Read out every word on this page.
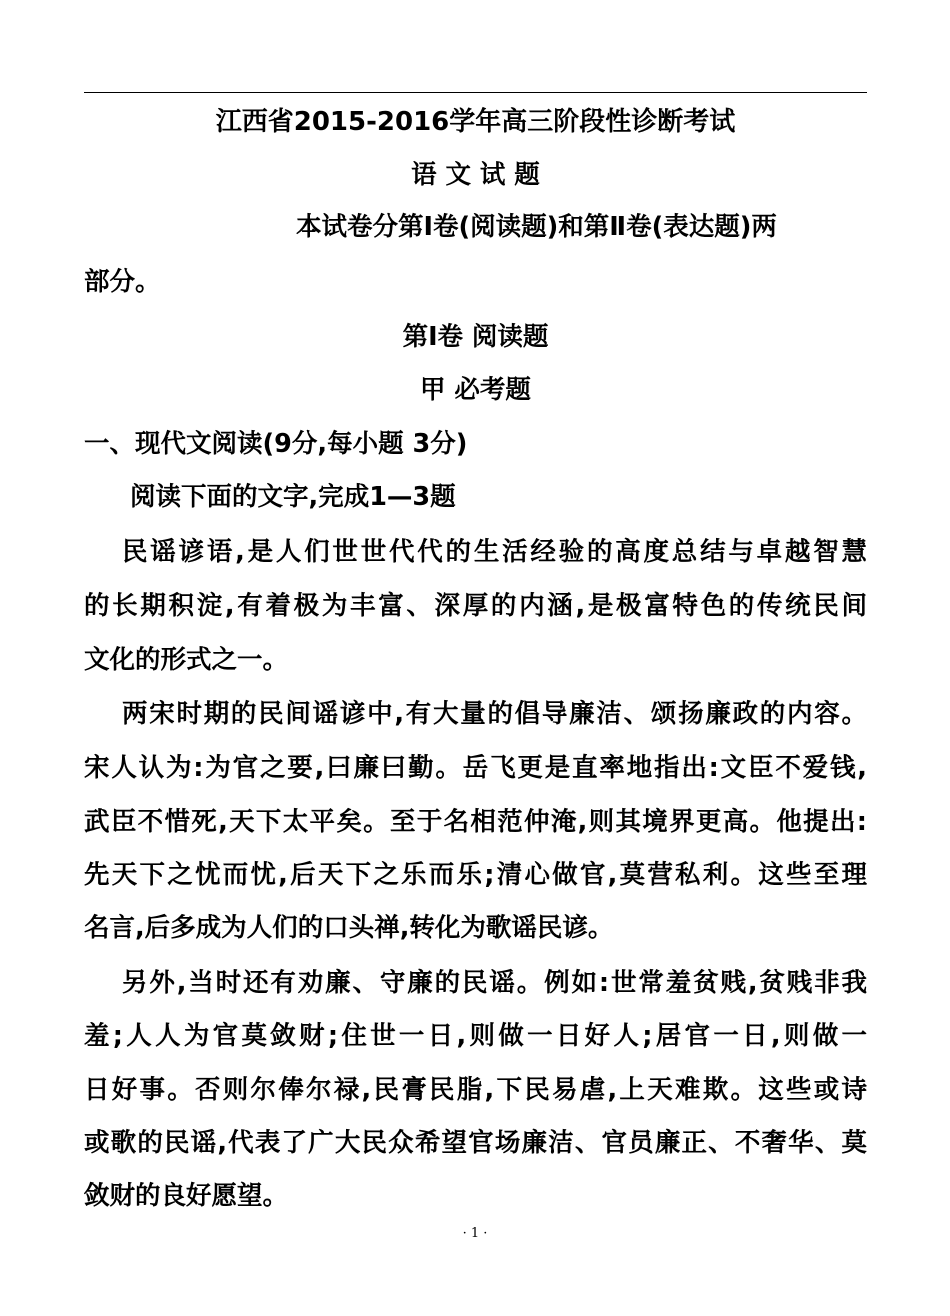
江西省2015-2016学年高三阶段性诊断考试
语 文 试 题
本试卷分第Ⅰ卷(阅读题)和第Ⅱ卷(表达题)两
部分。
第Ⅰ卷 阅读题
甲 必考题
一、现代文阅读(9分,每小题 3分)
阅读下面的文字,完成1—3题
民谣谚语,是人们世世代代的生活经验的高度总结与卓越智慧
的长期积淀,有着极为丰富、深厚的内涵,是极富特色的传统民间
文化的形式之一。
两宋时期的民间谣谚中,有大量的倡导廉洁、颂扬廉政的内容。
宋人认为:为官之要,曰廉曰勤。岳飞更是直率地指出:文臣不爱钱,
武臣不惜死,天下太平矣。至于名相范仲淹,则其境界更高。他提出:
先天下之忧而忧,后天下之乐而乐;清心做官,莫营私利。这些至理
名言,后多成为人们的口头禅,转化为歌谣民谚。
另外,当时还有劝廉、守廉的民谣。例如:世常羞贫贱,贫贱非我
羞;人人为官莫敛财;住世一日,则做一日好人;居官一日,则做一
日好事。否则尔俸尔禄,民膏民脂,下民易虐,上天难欺。这些或诗
或歌的民谣,代表了广大民众希望官场廉洁、官员廉正、不奢华、莫
敛财的良好愿望。
· 1 ·
